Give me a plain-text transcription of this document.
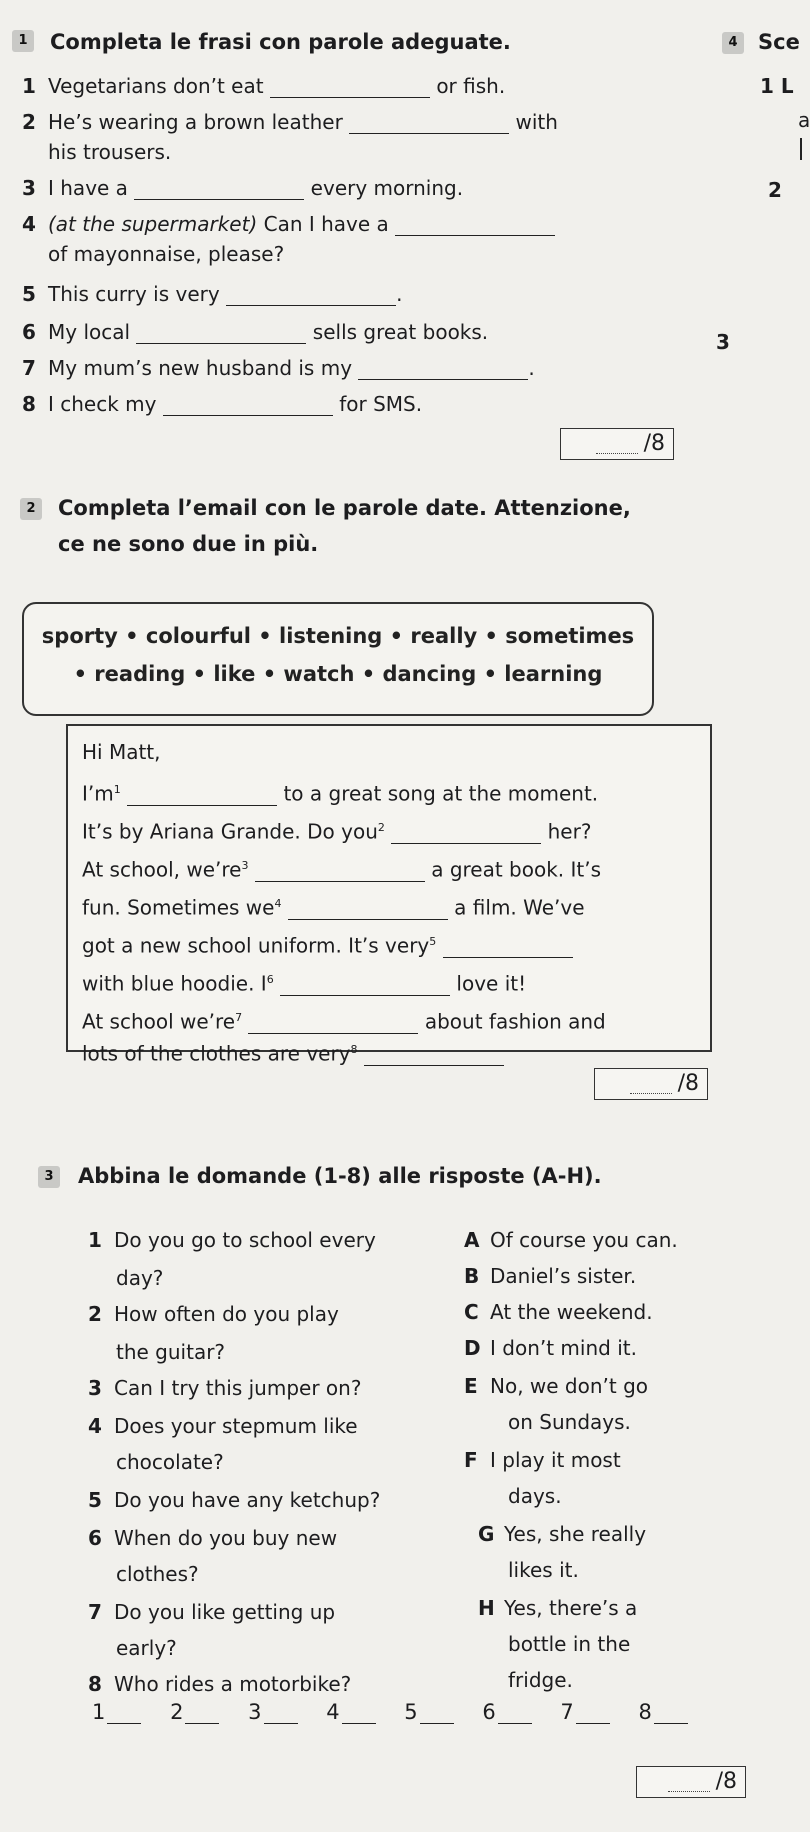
1	Completa le frasi con parole adeguate.
1 Vegetarians don’t eat	or fish.
2 He’s wearing a brown leather	with
his trousers.
3 I have a	every morning.
4 (at the supermarket) Can I have a
of mayonnaise, please?
5 This curry is very	.
6 My local	sells great books.
7 My mum’s new husband is my	.
8 I check my	for SMS.
/8
4 Sce
1 L
a
2
3
2	Completa l’email con le parole date. Attenzione,
ce ne sono due in più.
sporty • colourful • listening • really • sometimes
• reading • like • watch • dancing • learning
Hi Matt,
$I’m^1$	to a great song at the moment.
It’s by Ariana Grande. Do you$^2$	her?
At school, $we’re^3$	a great book. It’s
fun. Sometimes $we^4$	a film. We’ve
got a new school uniform. It’s very$^5$
with blue hoodie. $I^6$	love it!
At school $we’re^7$	about fashion and
lots of the clothes are very$^8$
/8
3	Abbina le domande (1-8) alle risposte (A-H).
1 Do you go to school every
day?
2 How often do you play
the guitar?
3 Can I try this jumper on?
4 Does your stepmum like
chocolate?
5 Do you have any ketchup?
6 When do you buy new
clothes?
7 Do you like getting up
early?
8 Who rides a motorbike?
A Of course you can.
B Daniel’s sister.
C At the weekend.
D I don’t mind it.
E No, we don’t go
on Sundays.
F I play it most
days.
G Yes, she really
likes it.
H Yes, there’s a
bottle in the
fridge.
1	2	3	4	5	6	7	8
/8
